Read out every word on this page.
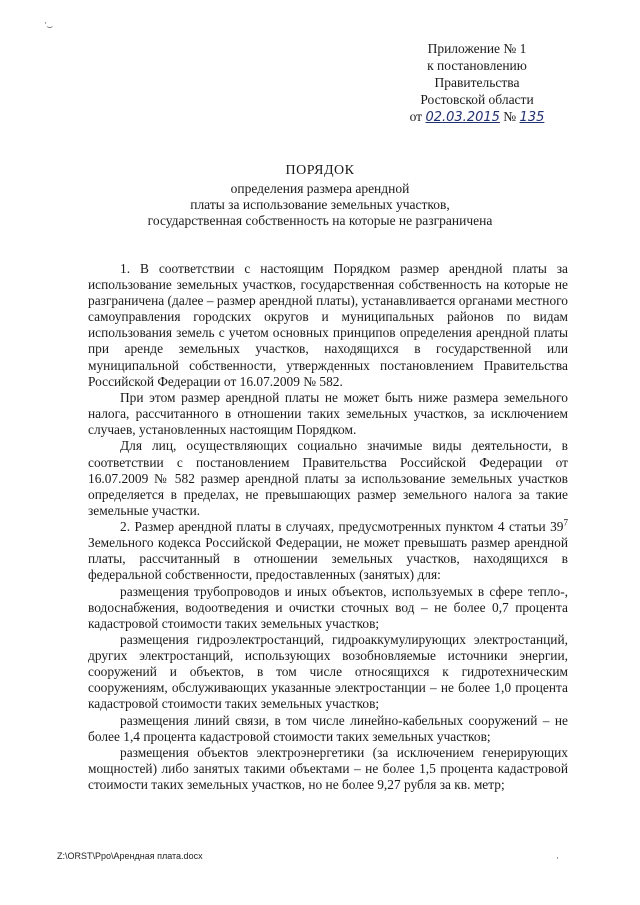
·͜
Приложение № 1
к постановлению
Правительства
Ростовской области
от 02.03.2015 № 135
ПОРЯДОК
определения размера арендной
платы за использование земельных участков,
государственная собственность на которые не разграничена

1. В соответствии с настоящим Порядком размер арендной платы за использование земельных участков, государственная собственность на которые не разграничена (далее – размер арендной платы), устанавливается органами местного самоуправления городских округов и муниципальных районов по видам использования земель с учетом основных принципов определения арендной платы при аренде земельных участков, находящихся в государственной или муниципальной собственности, утвержденных постановлением Правительства Российской Федерации от 16.07.2009 № 582.

При этом размер арендной платы не может быть ниже размера земельного налога, рассчитанного в отношении таких земельных участков, за исключением случаев, установленных настоящим Порядком.

Для лиц, осуществляющих социально значимые виды деятельности, в соответствии с постановлением Правительства Российской Федерации от 16.07.2009 № 582 размер арендной платы за использование земельных участков определяется в пределах, не превышающих размер земельного налога за такие земельные участки.

2. Размер арендной платы в случаях, предусмотренных пунктом 4 статьи $39^7$ Земельного кодекса Российской Федерации, не может превышать размер арендной платы, рассчитанный в отношении земельных участков, находящихся в федеральной собственности, предоставленных (занятых) для:

размещения трубопроводов и иных объектов, используемых в сфере тепло-, водоснабжения, водоотведения и очистки сточных вод – не более 0,7 процента кадастровой стоимости таких земельных участков;

размещения гидроэлектростанций, гидроаккумулирующих электростанций, других электростанций, использующих возобновляемые источники энергии, сооружений и объектов, в том числе относящихся к гидротехническим сооружениям, обслуживающих указанные электростанции – не более 1,0 процента кадастровой стоимости таких земельных участков;

размещения линий связи, в том числе линейно-кабельных сооружений – не более 1,4 процента кадастровой стоимости таких земельных участков;

размещения объектов электроэнергетики (за исключением генерирующих мощностей) либо занятых такими объектами – не более 1,5 процента кадастровой стоимости таких земельных участков, но не более 9,27 рубля за кв. метр;

Z:\ORST\Ppo\Арендная плата.docx	·
